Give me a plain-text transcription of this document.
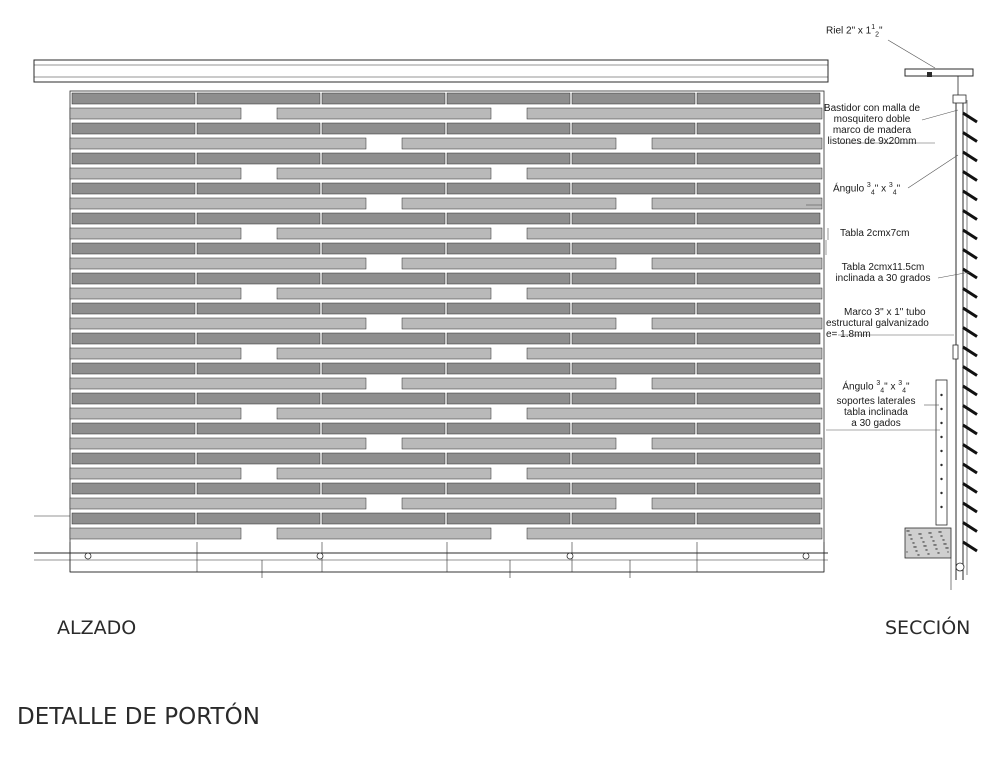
Riel 2" x $1^1_2$"
Bastidor con malla de
mosquitero doble
marco de madera
listones de 9x20mm
Ángulo $^3_4$" x $^3_4$"
Tabla 2cmx7cm
Tabla 2cmx11.5cm
inclinada a 30 grados
Marco 3" x 1" tubo
estructural galvanizado
e= 1.8mm
Ángulo $^3_4$" x $^3_4$"
soportes laterales
tabla inclinada
a 30 gados
ALZADO	SECCIÓN
DETALLE DE PORTÓN
